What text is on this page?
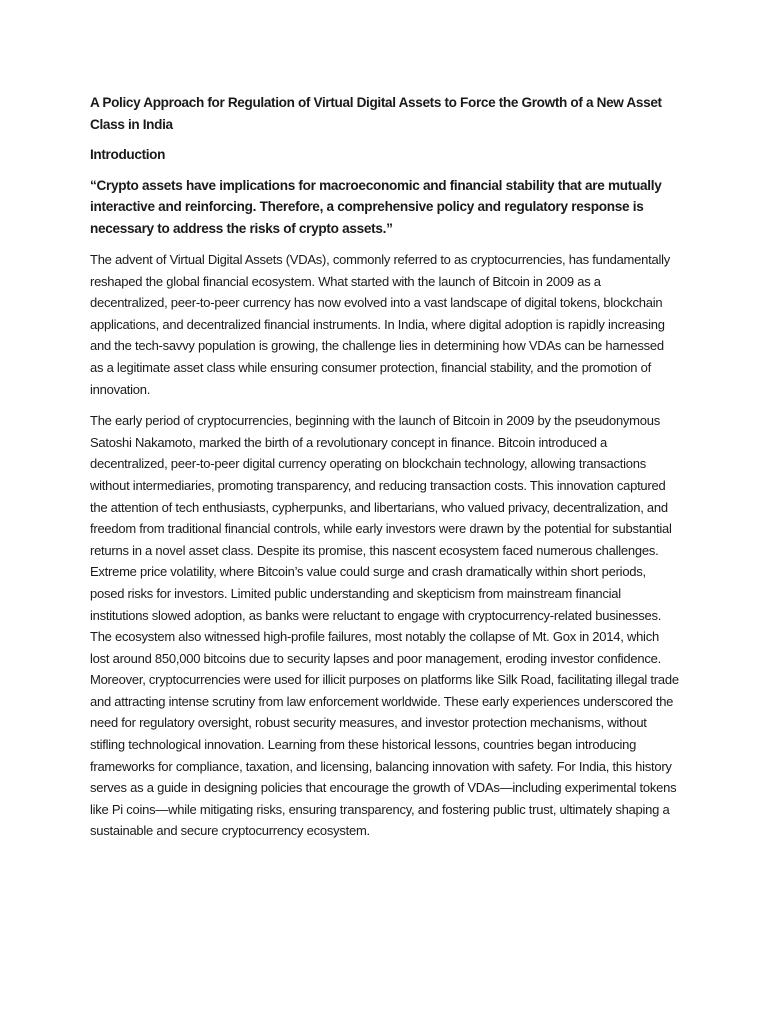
A Policy Approach for Regulation of Virtual Digital Assets to Force the Growth of a New Asset Class in India
Introduction

“Crypto assets have implications for macroeconomic and financial stability that are mutually interactive and reinforcing. Therefore, a comprehensive policy and regulatory response is necessary to address the risks of crypto assets.”

The advent of Virtual Digital Assets (VDAs), commonly referred to as cryptocurrencies, has fundamentally reshaped the global financial ecosystem. What started with the launch of Bitcoin in 2009 as a decentralized, peer-to-peer currency has now evolved into a vast landscape of digital tokens, blockchain applications, and decentralized financial instruments. In India, where digital adoption is rapidly increasing and the tech-savvy population is growing, the challenge lies in determining how VDAs can be harnessed as a legitimate asset class while ensuring consumer protection, financial stability, and the promotion of innovation.

The early period of cryptocurrencies, beginning with the launch of Bitcoin in 2009 by the pseudonymous Satoshi Nakamoto, marked the birth of a revolutionary concept in finance. Bitcoin introduced a decentralized, peer-to-peer digital currency operating on blockchain technology, allowing transactions without intermediaries, promoting transparency, and reducing transaction costs. This innovation captured the attention of tech enthusiasts, cypherpunks, and libertarians, who valued privacy, decentralization, and freedom from traditional financial controls, while early investors were drawn by the potential for substantial returns in a novel asset class. Despite its promise, this nascent ecosystem faced numerous challenges. Extreme price volatility, where Bitcoin’s value could surge and crash dramatically within short periods, posed risks for investors. Limited public understanding and skepticism from mainstream financial institutions slowed adoption, as banks were reluctant to engage with cryptocurrency-related businesses. The ecosystem also witnessed high-profile failures, most notably the collapse of Mt. Gox in 2014, which lost around 850,000 bitcoins due to security lapses and poor management, eroding investor confidence. Moreover, cryptocurrencies were used for illicit purposes on platforms like Silk Road, facilitating illegal trade and attracting intense scrutiny from law enforcement worldwide. These early experiences underscored the need for regulatory oversight, robust security measures, and investor protection mechanisms, without stifling technological innovation. Learning from these historical lessons, countries began introducing frameworks for compliance, taxation, and licensing, balancing innovation with safety. For India, this history serves as a guide in designing policies that encourage the growth of VDAs—including experimental tokens like Pi coins—while mitigating risks, ensuring transparency, and fostering public trust, ultimately shaping a sustainable and secure cryptocurrency ecosystem.
